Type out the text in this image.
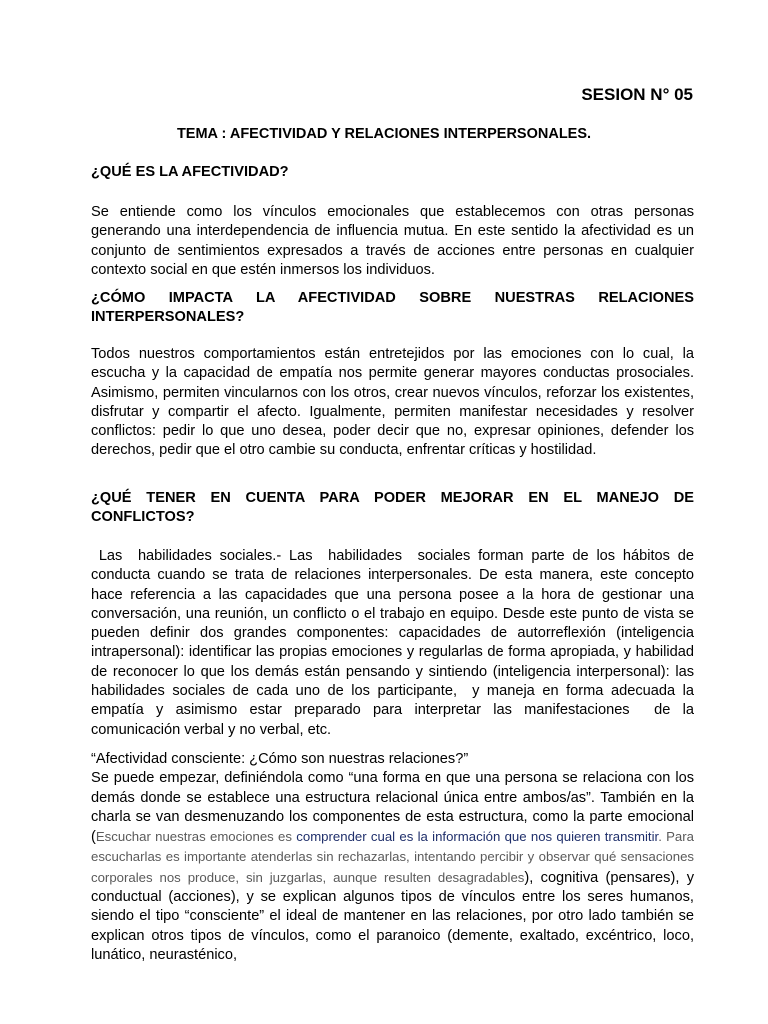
SESION N° 05
TEMA : AFECTIVIDAD Y RELACIONES INTERPERSONALES.
¿QUÉ ES LA AFECTIVIDAD?
Se entiende como los vínculos emocionales que establecemos con otras personas generando una interdependencia de influencia mutua. En este sentido la afectividad es un conjunto de sentimientos expresados a través de acciones entre personas en cualquier contexto social en que estén inmersos los individuos.
¿CÓMO IMPACTA LA AFECTIVIDAD SOBRE NUESTRAS RELACIONES INTERPERSONALES?
Todos nuestros comportamientos están entretejidos por las emociones con lo cual, la escucha y la capacidad de empatía nos permite generar mayores conductas prosociales. Asimismo, permiten vincularnos con los otros, crear nuevos vínculos, reforzar los existentes, disfrutar y compartir el afecto. Igualmente, permiten manifestar necesidades y resolver conflictos: pedir lo que uno desea, poder decir que no, expresar opiniones, defender los derechos, pedir que el otro cambie su conducta, enfrentar críticas y hostilidad.
¿QUÉ TENER EN CUENTA PARA PODER MEJORAR EN EL MANEJO DE CONFLICTOS?
Las  habilidades sociales.- Las  habilidades  sociales forman parte de los hábitos de conducta cuando se trata de relaciones interpersonales. De esta manera, este concepto hace referencia a las capacidades que una persona posee a la hora de gestionar una conversación, una reunión, un conflicto o el trabajo en equipo. Desde este punto de vista se pueden definir dos grandes componentes: capacidades de autorreflexión (inteligencia intrapersonal): identificar las propias emociones y regularlas de forma apropiada, y habilidad de reconocer lo que los demás están pensando y sintiendo (inteligencia interpersonal): las habilidades sociales de cada uno de los participante,  y maneja en forma adecuada la empatía y asimismo estar preparado para interpretar las manifestaciones  de la comunicación verbal y no verbal, etc.
“Afectividad consciente: ¿Cómo son nuestras relaciones?”
Se puede empezar, definiéndola como “una forma en que una persona se relaciona con los demás donde se establece una estructura relacional única entre ambos/as”. También en la charla se van desmenuzando los componentes de esta estructura, como la parte emocional (Escuchar nuestras emociones es comprender cual es la información que nos quieren transmitir. Para escucharlas es importante atenderlas sin rechazarlas, intentando percibir y observar qué sensaciones corporales nos produce, sin juzgarlas, aunque resulten desagradables), cognitiva (pensares), y conductual (acciones), y se explican algunos tipos de vínculos entre los seres humanos, siendo el tipo “consciente” el ideal de mantener en las relaciones, por otro lado también se explican otros tipos de vínculos, como el paranoico (demente, exaltado, excéntrico, loco, lunático, neurasténico,
